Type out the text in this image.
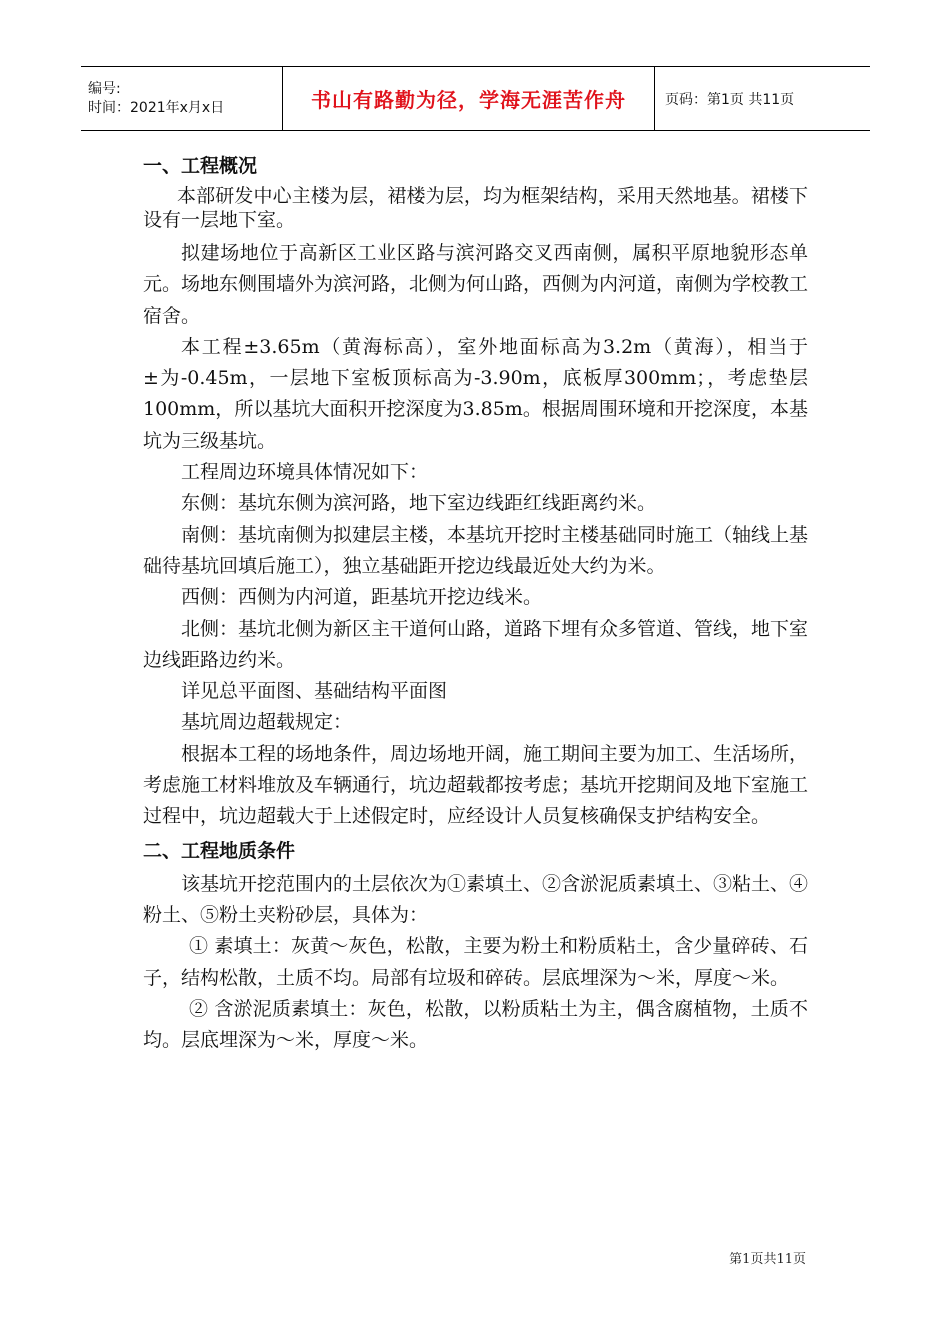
编号:
时间：2021年x月x日	书山有路勤为径，学海无涯苦作舟	页码：第1页 共11页
一、工程概况

本部研发中心主楼为层，裙楼为层，均为框架结构，采用天然地基。裙楼下设有一层地下室。

拟建场地位于高新区工业区路与滨河路交叉西南侧，属积平原地貌形态单元。场地东侧围墙外为滨河路，北侧为何山路，西侧为内河道，南侧为学校教工宿舍。

本工程±3.65m（黄海标高），室外地面标高为3.2m（黄海），相当于±为-0.45m，一层地下室板顶标高为-3.90m，底板厚300mm；，考虑垫层100mm，所以基坑大面积开挖深度为3.85m。根据周围环境和开挖深度，本基坑为三级基坑。

工程周边环境具体情况如下：

东侧：基坑东侧为滨河路，地下室边线距红线距离约米。

南侧：基坑南侧为拟建层主楼，本基坑开挖时主楼基础同时施工（轴线上基础待基坑回填后施工），独立基础距开挖边线最近处大约为米。

西侧：西侧为内河道，距基坑开挖边线米。

北侧：基坑北侧为新区主干道何山路，道路下埋有众多管道、管线，地下室边线距路边约米。

详见总平面图、基础结构平面图

基坑周边超载规定：

根据本工程的场地条件，周边场地开阔，施工期间主要为加工、生活场所，考虑施工材料堆放及车辆通行，坑边超载都按考虑；基坑开挖期间及地下室施工过程中，坑边超载大于上述假定时，应经设计人员复核确保支护结构安全。

二、工程地质条件

该基坑开挖范围内的土层依次为①素填土、②含淤泥质素填土、③粘土、④粉土、⑤粉土夹粉砂层，具体为：

① 素填土：灰黄～灰色，松散，主要为粉土和粉质粘土，含少量碎砖、石子，结构松散，土质不均。局部有垃圾和碎砖。层底埋深为～米，厚度～米。

② 含淤泥质素填土：灰色，松散，以粉质粘土为主，偶含腐植物，土质不均。层底埋深为～米，厚度～米。

第1页共11页
